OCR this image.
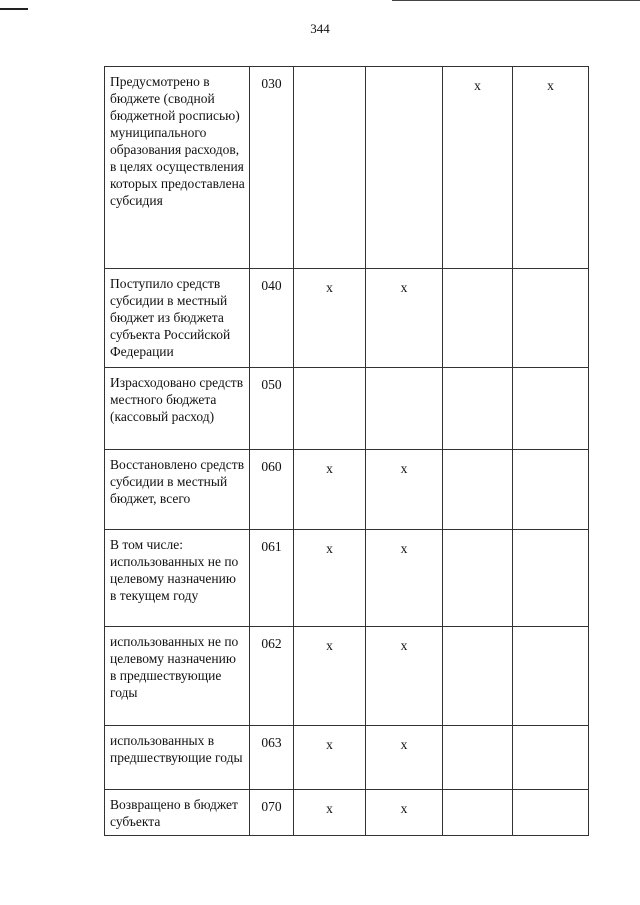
344
Предусмотрено в бюджете (сводной бюджетной росписью) муниципального образования расходов, в целях осуществления которых предоставлена субсидия	030			х	х
Поступило средств субсидии в местный бюджет из бюджета субъекта Российской Федерации	040	х	х		
Израсходовано средств местного бюджета (кассовый расход)	050				
Восстановлено средств субсидии в местный бюджет, всего	060	х	х		
В том числе: использованных не по целевому назначению в текущем году	061	х	х		
использованных не по целевому назначению в предшествующие годы	062	х	х		
использованных в предшествующие годы	063	х	х		
Возвращено в бюджет субъекта	070	х	х		
